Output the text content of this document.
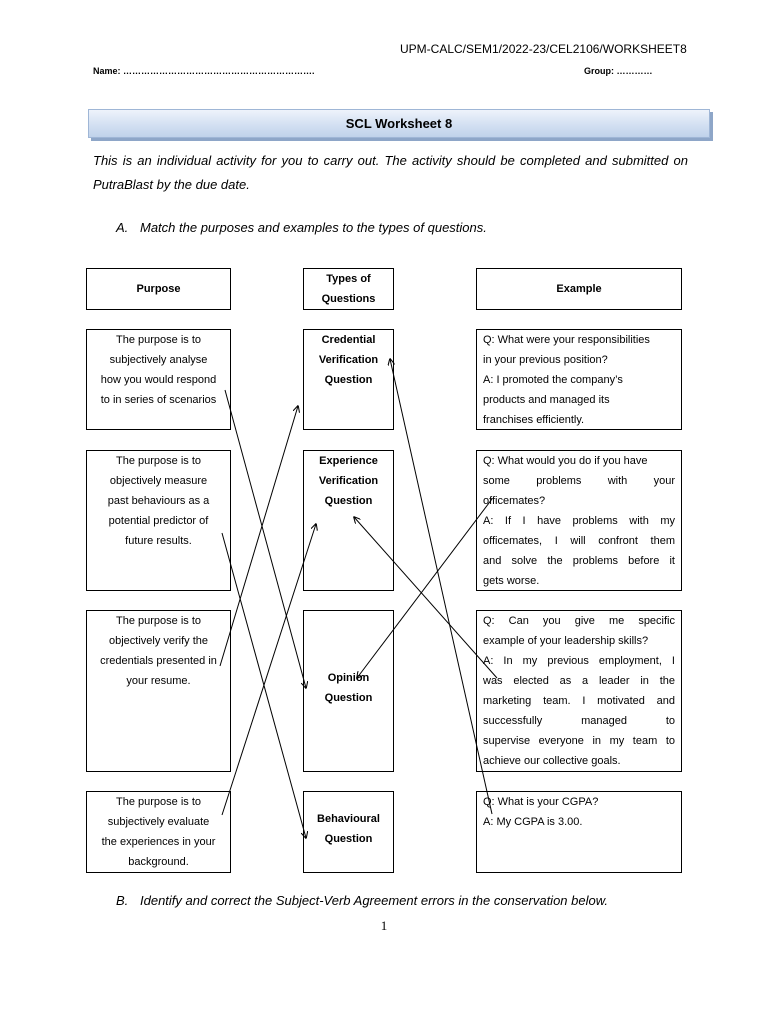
UPM-CALC/SEM1/2022-23/CEL2106/WORKSHEET8
Name: ……………………………………………………….	Group: …………
SCL Worksheet 8
This is an individual activity for you to carry out. The activity should be completed and submitted on PutraBlast by the due date.
A. Match the purposes and examples to the types of questions.
Purpose
Types of Questions
Example
The purpose is to
subjectively analyse
how you would respond
to in series of scenarios
The purpose is to
objectively measure
past behaviours as a
potential predictor of
future results.
The purpose is to
objectively verify the
credentials presented in
your resume.
The purpose is to
subjectively evaluate
the experiences in your
background.
Credential
Verification
Question
Experience
Verification
Question
Opinion
Question
Behavioural
Question
Q: What were your responsibilities
in your previous position?
A: I promoted the company’s
products and managed its
franchises efficiently.
Q: What would you do if you have
some problems with your
officemates?
A: If I have problems with my
officemates, I will confront them
and solve the problems before it
gets worse.
Q: Can you give me specific
example of your leadership skills?
A: In my previous employment, I
was elected as a leader in the
marketing team. I motivated and
successfully managed to
supervise everyone in my team to
achieve our collective goals.
Q: What is your CGPA?
A: My CGPA is 3.00.
B. Identify and correct the Subject-Verb Agreement errors in the conservation below.
1
